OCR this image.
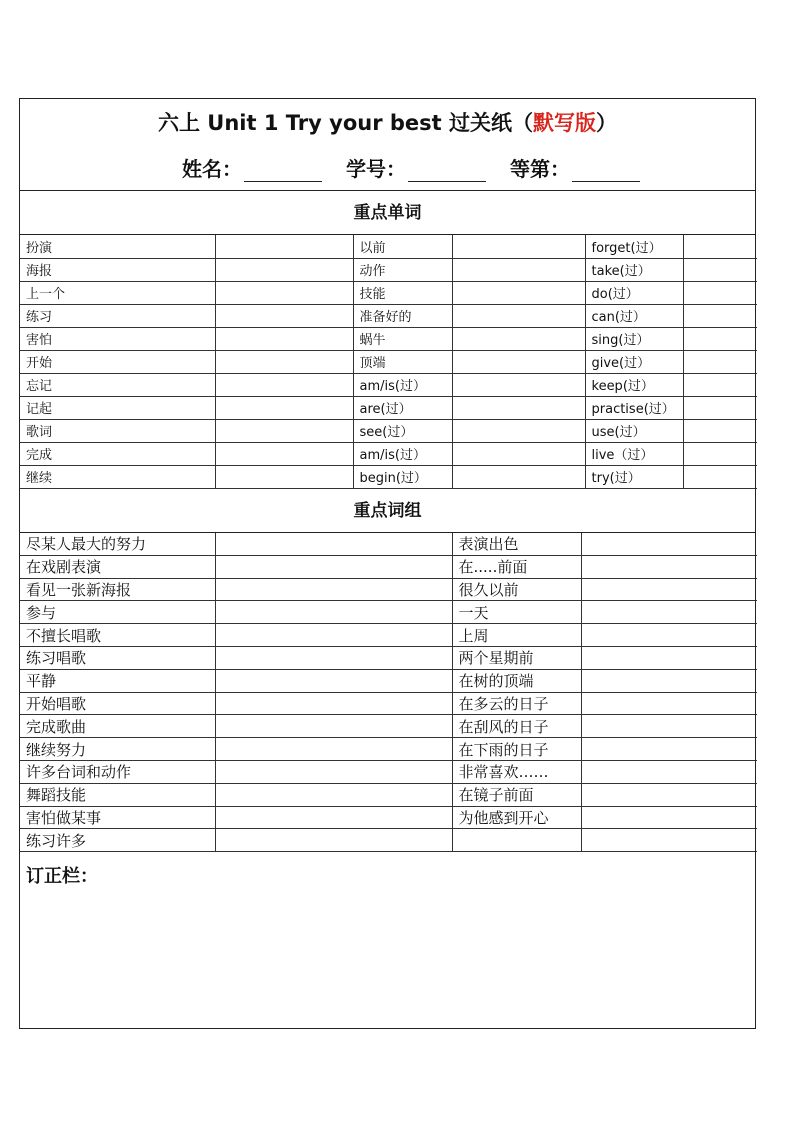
六上 Unit 1 Try your best 过关纸（默写版）
姓名：	学号：	等第：
重点单词
扮演		以前		forget(过）	
海报		动作		take(过）	
上一个		技能		do(过）	
练习		准备好的		can(过）	
害怕		蜗牛		sing(过）	
开始		顶端		give(过）	
忘记		am/is(过）		keep(过）	
记起		are(过）		practise(过）	
歌词		see(过）		use(过）	
完成		am/is(过）		live（过）	
继续		begin(过）		try(过）	
重点词组
尽某人最大的努力		表演出色	
在戏剧表演		在.....前面	
看见一张新海报		很久以前	
参与		一天	
不擅长唱歌		上周	
练习唱歌		两个星期前	
平静		在树的顶端	
开始唱歌		在多云的日子	
完成歌曲		在刮风的日子	
继续努力		在下雨的日子	
许多台词和动作		非常喜欢……	
舞蹈技能		在镜子前面	
害怕做某事		为他感到开心	
练习许多			
订正栏：
